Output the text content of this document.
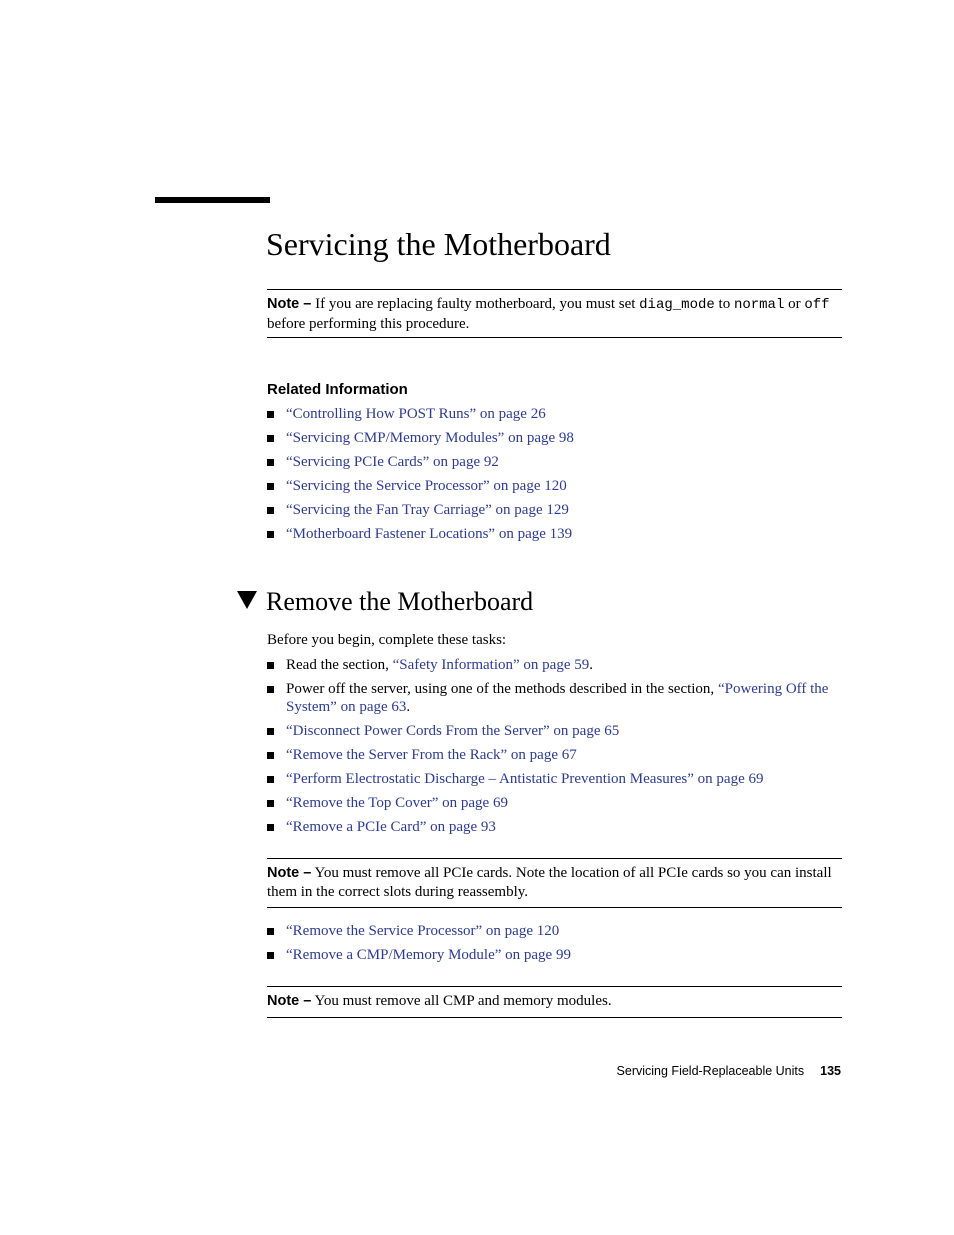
Servicing the Motherboard
Note – If you are replacing faulty motherboard, you must set diag_mode to normal or off before performing this procedure.
Related Information
“Controlling How POST Runs” on page 26
“Servicing CMP/Memory Modules” on page 98
“Servicing PCIe Cards” on page 92
“Servicing the Service Processor” on page 120
“Servicing the Fan Tray Carriage” on page 129
“Motherboard Fastener Locations” on page 139
Remove the Motherboard
Before you begin, complete these tasks:
Read the section, “Safety Information” on page 59.
Power off the server, using one of the methods described in the section, “Powering Off the System” on page 63.
“Disconnect Power Cords From the Server” on page 65
“Remove the Server From the Rack” on page 67
“Perform Electrostatic Discharge – Antistatic Prevention Measures” on page 69
“Remove the Top Cover” on page 69
“Remove a PCIe Card” on page 93
Note – You must remove all PCIe cards. Note the location of all PCIe cards so you can install them in the correct slots during reassembly.
“Remove the Service Processor” on page 120
“Remove a CMP/Memory Module” on page 99
Note – You must remove all CMP and memory modules.
Servicing Field-Replaceable Units 135
